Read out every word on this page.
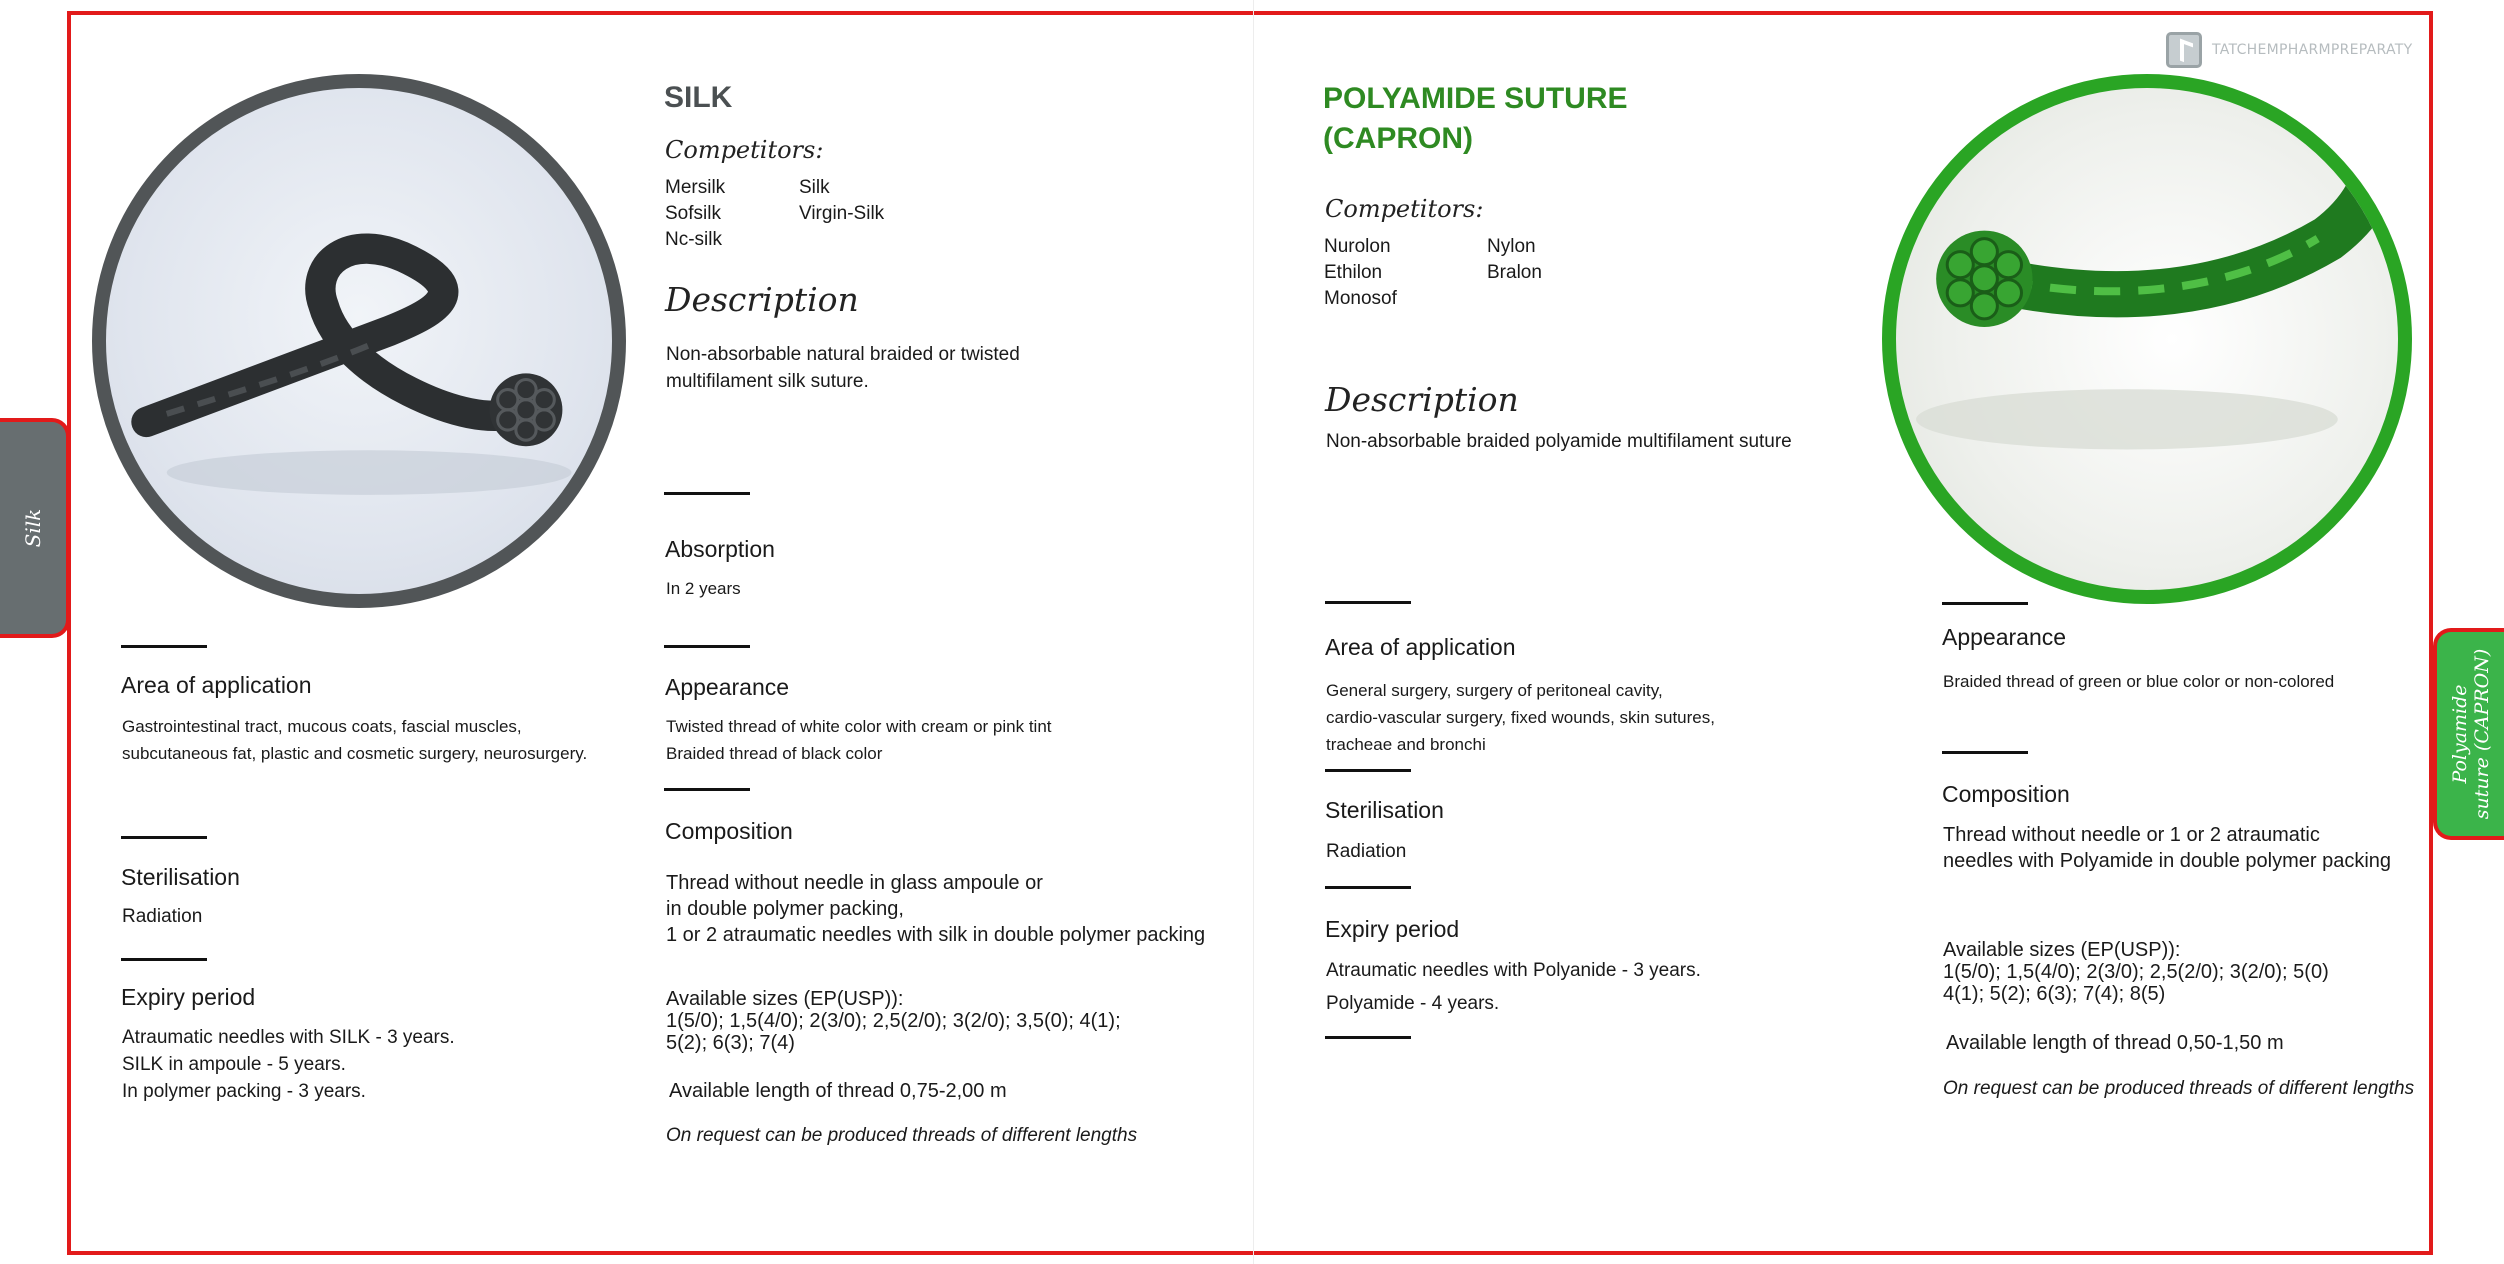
Silk
Polyamide suture (CAPRON)
TATCHEMPHARMPREPARATY
SILK
Competitors:
Mersilk	Silk
Sofsilk	Virgin-Silk
Nc-silk
Description
Non-absorbable natural braided or twisted
multifilament silk suture.
Absorption
In 2 years
Appearance
Twisted thread of white color with cream or pink tint
Braided thread of black color
Composition
Thread without needle in glass ampoule or
in double polymer packing,
1 or 2 atraumatic needles with silk in double polymer packing
Available sizes (EP(USP)):
1(5/0); 1,5(4/0); 2(3/0); 2,5(2/0); 3(2/0); 3,5(0); 4(1);
5(2); 6(3); 7(4)
Available length of thread 0,75-2,00 m
On request can be produced threads of different lengths
Area of application
Gastrointestinal tract, mucous coats, fascial muscles,
subcutaneous fat, plastic and cosmetic surgery, neurosurgery.
Sterilisation
Radiation
Expiry period
Atraumatic needles with SILK - 3 years.
SILK in ampoule - 5 years.
In polymer packing - 3 years.
POLYAMIDE SUTURE
(CAPRON)
Competitors:
Nurolon	Nylon
Ethilon	Bralon
Monosof
Description
Non-absorbable braided polyamide multifilament suture
Area of application
General surgery, surgery of peritoneal cavity,
cardio-vascular surgery, fixed wounds, skin sutures,
tracheae and bronchi
Sterilisation
Radiation
Expiry period
Atraumatic needles with Polyanide - 3 years.
Polyamide - 4 years.
Appearance
Braided thread of green or blue color or non-colored
Composition
Thread without needle or 1 or 2 atraumatic
needles with Polyamide in double polymer packing
Available sizes (EP(USP)):
1(5/0); 1,5(4/0); 2(3/0); 2,5(2/0); 3(2/0); 5(0)
4(1); 5(2); 6(3); 7(4); 8(5)
Available length of thread 0,50-1,50 m
On request can be produced threads of different lengths
